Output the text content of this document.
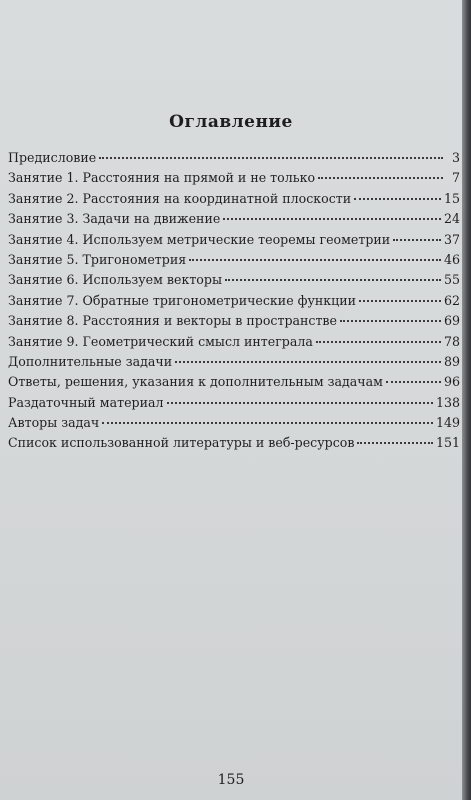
Оглавление
Предисловие	3
Занятие 1. Расстояния на прямой и не только	7
Занятие 2. Расстояния на координатной плоскости	15
Занятие 3. Задачи на движение	24
Занятие 4. Используем метрические теоремы геометрии	37
Занятие 5. Тригонометрия	46
Занятие 6. Используем векторы	55
Занятие 7. Обратные тригонометрические функции	62
Занятие 8. Расстояния и векторы в пространстве	69
Занятие 9. Геометрический смысл интеграла	78
Дополнительные задачи	89
Ответы, решения, указания к дополнительным задачам	96
Раздаточный материал	138
Авторы задач	149
Список использованной литературы и веб-ресурсов	151
155
